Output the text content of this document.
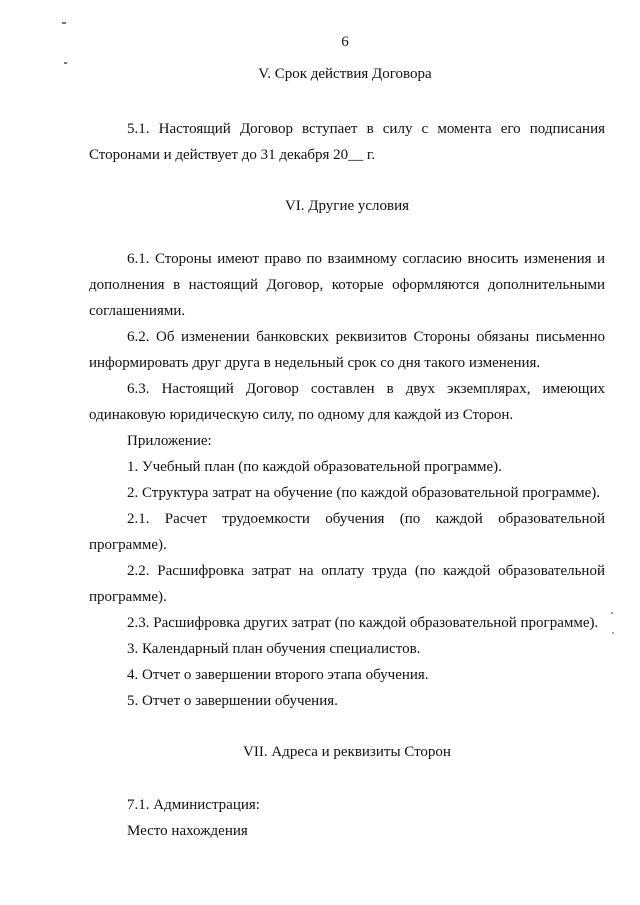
6
V. Срок действия Договора
5.1. Настоящий Договор вступает в силу с момента его подписания
Сторонами и действует до 31 декабря 20__ г.
VI. Другие условия
6.1. Стороны имеют право по взаимному согласию вносить изменения и
дополнения в настоящий Договор, которые оформляются дополнительными
соглашениями.
6.2. Об изменении банковских реквизитов Стороны обязаны письменно
информировать друг друга в недельный срок со дня такого изменения.
6.3. Настоящий Договор составлен в двух экземплярах, имеющих
одинаковую юридическую силу, по одному для каждой из Сторон.
Приложение:
1. Учебный план (по каждой образовательной программе).
2. Структура затрат на обучение (по каждой образовательной программе).
2.1. Расчет трудоемкости обучения (по каждой образовательной
программе).
2.2. Расшифровка затрат на оплату труда (по каждой образовательной
программе).
2.3. Расшифровка других затрат (по каждой образовательной программе).
3. Календарный план обучения специалистов.
4. Отчет о завершении второго этапа обучения.
5. Отчет о завершении обучения.
VII. Адреса и реквизиты Сторон
7.1. Администрация:
Место нахождения
